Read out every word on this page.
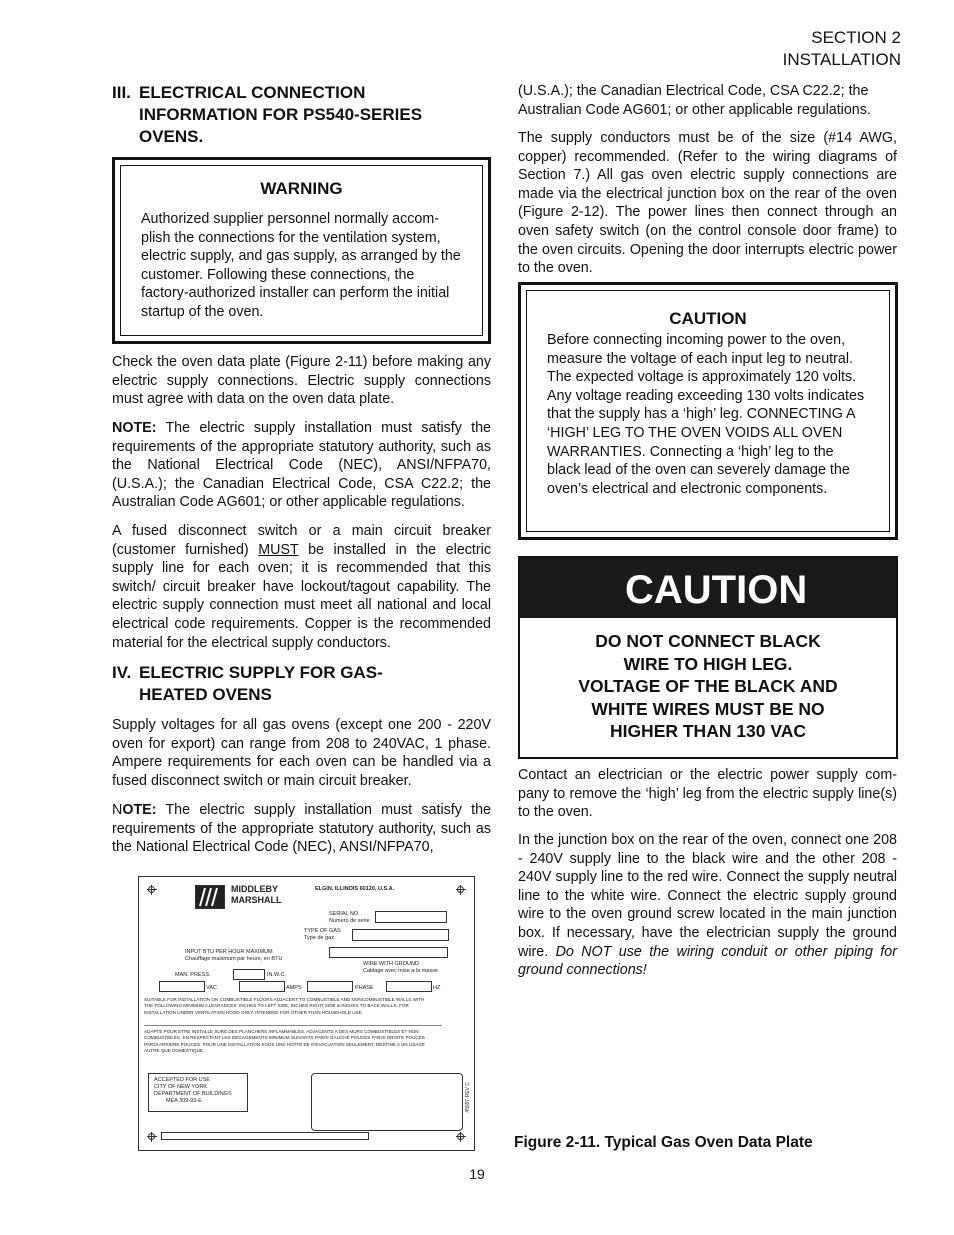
SECTION 2
INSTALLATION
III. ELECTRICAL CONNECTION
INFORMATION FOR PS540-SERIES
OVENS.
WARNING

Authorized supplier personnel normally accom-plish the connections for the ventilation system, electric supply, and gas supply, as arranged by the customer. Following these connections, the factory-authorized installer can perform the initial startup of the oven.

Check the oven data plate (Figure 2-11) before making any electric supply connections. Electric supply connections must agree with data on the oven data plate.

NOTE: The electric supply installation must satisfy the requirements of the appropriate statutory authority, such as the National Electrical Code (NEC), ANSI/NFPA70, (U.S.A.); the Canadian Electrical Code, CSA C22.2; the Australian Code AG601; or other applicable regulations.

A fused disconnect switch or a main circuit breaker (customer furnished) MUST be installed in the electric supply line for each oven; it is recommended that this switch/ circuit breaker have lockout/tagout capability. The electric supply connection must meet all national and local electrical code requirements. Copper is the recommended material for the electrical supply conductors.

IV. ELECTRIC SUPPLY FOR GAS-
HEATED OVENS

Supply voltages for all gas ovens (except one 200 - 220V oven for export) can range from 208 to 240VAC, 1 phase. Ampere requirements for each oven can be handled via a fused disconnect switch or main circuit breaker.

NOTE: The electric supply installation must satisfy the requirements of the appropriate statutory authority, such as the National Electrical Code (NEC), ANSI/NFPA70,

MIDDLEBY
MARSHALL
ELGIN, ILLINOIS 60120, U.S.A.
SERIAL NO.
Numero de serie
TYPE OF GAS
Type de gaz
INPUT BTU PER HOUR MAXIMUM
Chauffage maximum par heure, en BTU
WIRE WITH GROUND
Cablage avec mise a la masse
MAN. PRESS.	IN.W.C.
VAC	AMPS	PHASE	HZ
SUITABLE FOR INSTALLATION ON COMBUSTIBLE FLOORS ADJACENT TO COMBUSTIBLE AND NONCOMBUSTIBLE WALLS WITH THE FOLLOWING MINIMUM CLEARANCES: INCHES TO LEFT SIDE, INCHES RIGHT SIDE & INCHES TO BACK WALLS. FOR INSTALLATION UNDER VENTILATION HOOD ONLY, INTENDED FOR OTHER THAN HOUSEHOLD USE.
ADAPTE POUR ETRE INSTALLE SURE DES PLANCHERS INFLAMMABLES, ADJACENTS A DES MURS COMBUSTIBLES ET NON COMBUSTIBLES, EN RESPECTANT LES DEGAGEMENTS MINIMUM SUIVANTS PAROI GAUCHE POUCES PAROI DROITE POUCES PAROI ARRIERE POUCES. POUR UNE INSTALLATION SOUS UNE HOTTE DE D'EVACUATION SEULEMENT, DESTINE A UN USAGE AUTRE QUE DOMESTIQUE.
ACCEPTED FOR USE
CITY OF NEW YORK
DEPARTMENT OF BUILDINGS
MEA 309-93-E	45997 REV C

(U.S.A.); the Canadian Electrical Code, CSA C22.2; the Australian Code AG601; or other applicable regulations.

The supply conductors must be of the size (#14 AWG, copper) recommended. (Refer to the wiring diagrams of Section 7.) All gas oven electric supply connections are made via the electrical junction box on the rear of the oven (Figure 2-12). The power lines then connect through an oven safety switch (on the control console door frame) to the oven circuits. Opening the door interrupts electric power to the oven.

CAUTION

Before connecting incoming power to the oven, measure the voltage of each input leg to neutral. The expected voltage is approximately 120 volts. Any voltage reading exceeding 130 volts indicates that the supply has a ‘high’ leg. CONNECTING A ‘HIGH’ LEG TO THE OVEN VOIDS ALL OVEN WARRANTIES. Connecting a ‘high’ leg to the black lead of the oven can severely damage the oven’s electrical and electronic components.

CAUTION
DO NOT CONNECT BLACK
WIRE TO HIGH LEG.
VOLTAGE OF THE BLACK AND
WHITE WIRES MUST BE NO
HIGHER THAN 130 VAC

Contact an electrician or the electric power supply com-pany to remove the ‘high’ leg from the electric supply line(s) to the oven.

In the junction box on the rear of the oven, connect one 208 - 240V supply line to the black wire and the other 208 - 240V supply line to the red wire. Connect the supply neutral line to the white wire. Connect the electric supply ground wire to the oven ground screw located in the main junction box. If necessary, have the electrician supply the ground wire. Do NOT use the wiring conduit or other piping for ground connections!

Figure 2-11. Typical Gas Oven Data Plate
19
